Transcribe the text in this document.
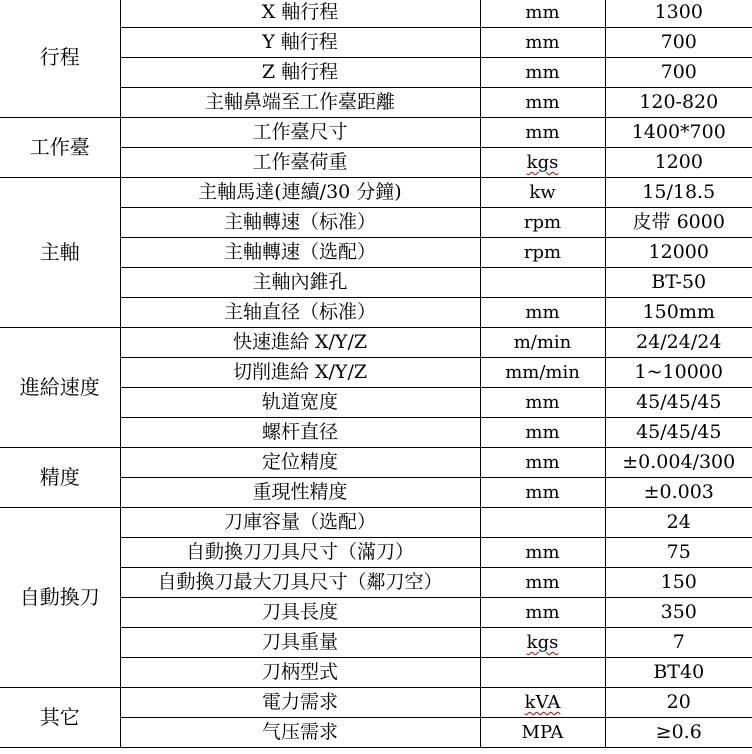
行程	X 軸行程	mm	1300
	Y 軸行程	mm	700
	Z 軸行程	mm	700
	主軸鼻端至工作臺距離	mm	120-820
工作臺	工作臺尺寸	mm	1400*700
	工作臺荷重	kgs	1200
主軸	主軸馬達(連續/30 分鐘)	kw	15/18.5
	主軸轉速（标准）	rpm	皮带 6000
	主軸轉速（选配）	rpm	12000
	主軸內錐孔		BT-50
	主轴直径（标准）	mm	150mm
進給速度	快速進給 X/Y/Z	m/min	24/24/24
	切削進給 X/Y/Z	mm/min	1~10000
	轨道宽度	mm	45/45/45
	螺杆直径	mm	45/45/45
精度	定位精度	mm	±0.004/300
	重現性精度	mm	±0.003
自動換刀	刀庫容量（选配）		24
	自動換刀刀具尺寸（滿刀）	mm	75
	自動換刀最大刀具尺寸（鄰刀空）	mm	150
	刀具長度	mm	350
	刀具重量	kgs	7
	刀柄型式		BT40
其它	電力需求	kVA	20
	气压需求	MPA	≥0.6
